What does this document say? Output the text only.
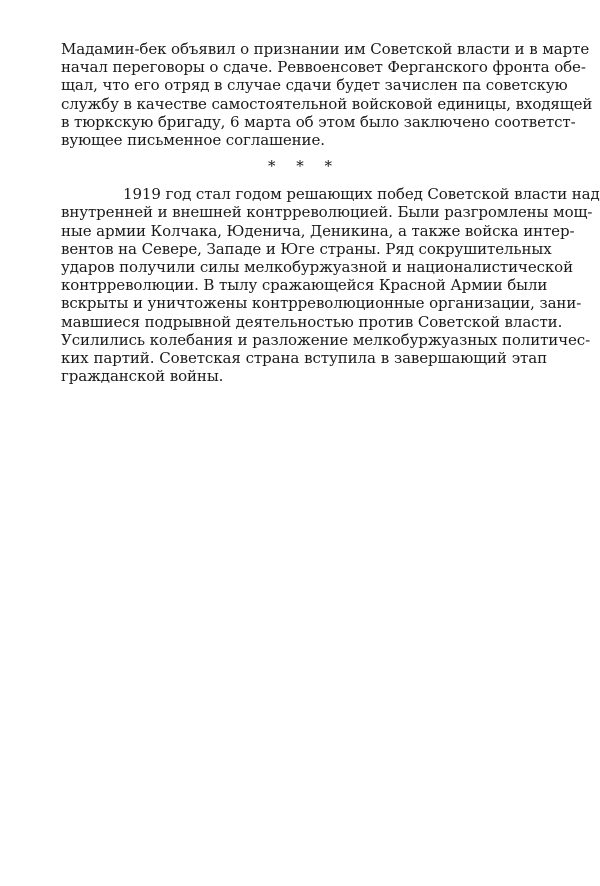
Мадамин-бек объявил о признании им Советской власти и в марте
начал переговоры о сдаче. Реввоенсовет Ферганского фронта обе-
щал, что его отряд в случае сдачи будет зачислен па советскую
службу в качестве самостоятельной войсковой единицы, входящей
в тюркскую бригаду, 6 марта об этом было заключено соответст-
вующее письменное соглашение.
* * *
1919 год стал годом решающих побед Советской власти над
внутренней и внешней контрреволюцией. Были разгромлены мощ-
ные армии Колчака, Юденича, Деникина, а также войска интер-
вентов на Севере, Западе и Юге страны. Ряд сокрушительных
ударов получили силы мелкобуржуазной и националистической
контрреволюции. В тылу сражающейся Красной Армии были
вскрыты и уничтожены контрреволюционные организации, зани-
мавшиеся подрывной деятельностью против Советской власти.
Усилились колебания и разложение мелкобуржуазных политичес-
ких партий. Советская страна вступила в завершающий этап
гражданской войны.
